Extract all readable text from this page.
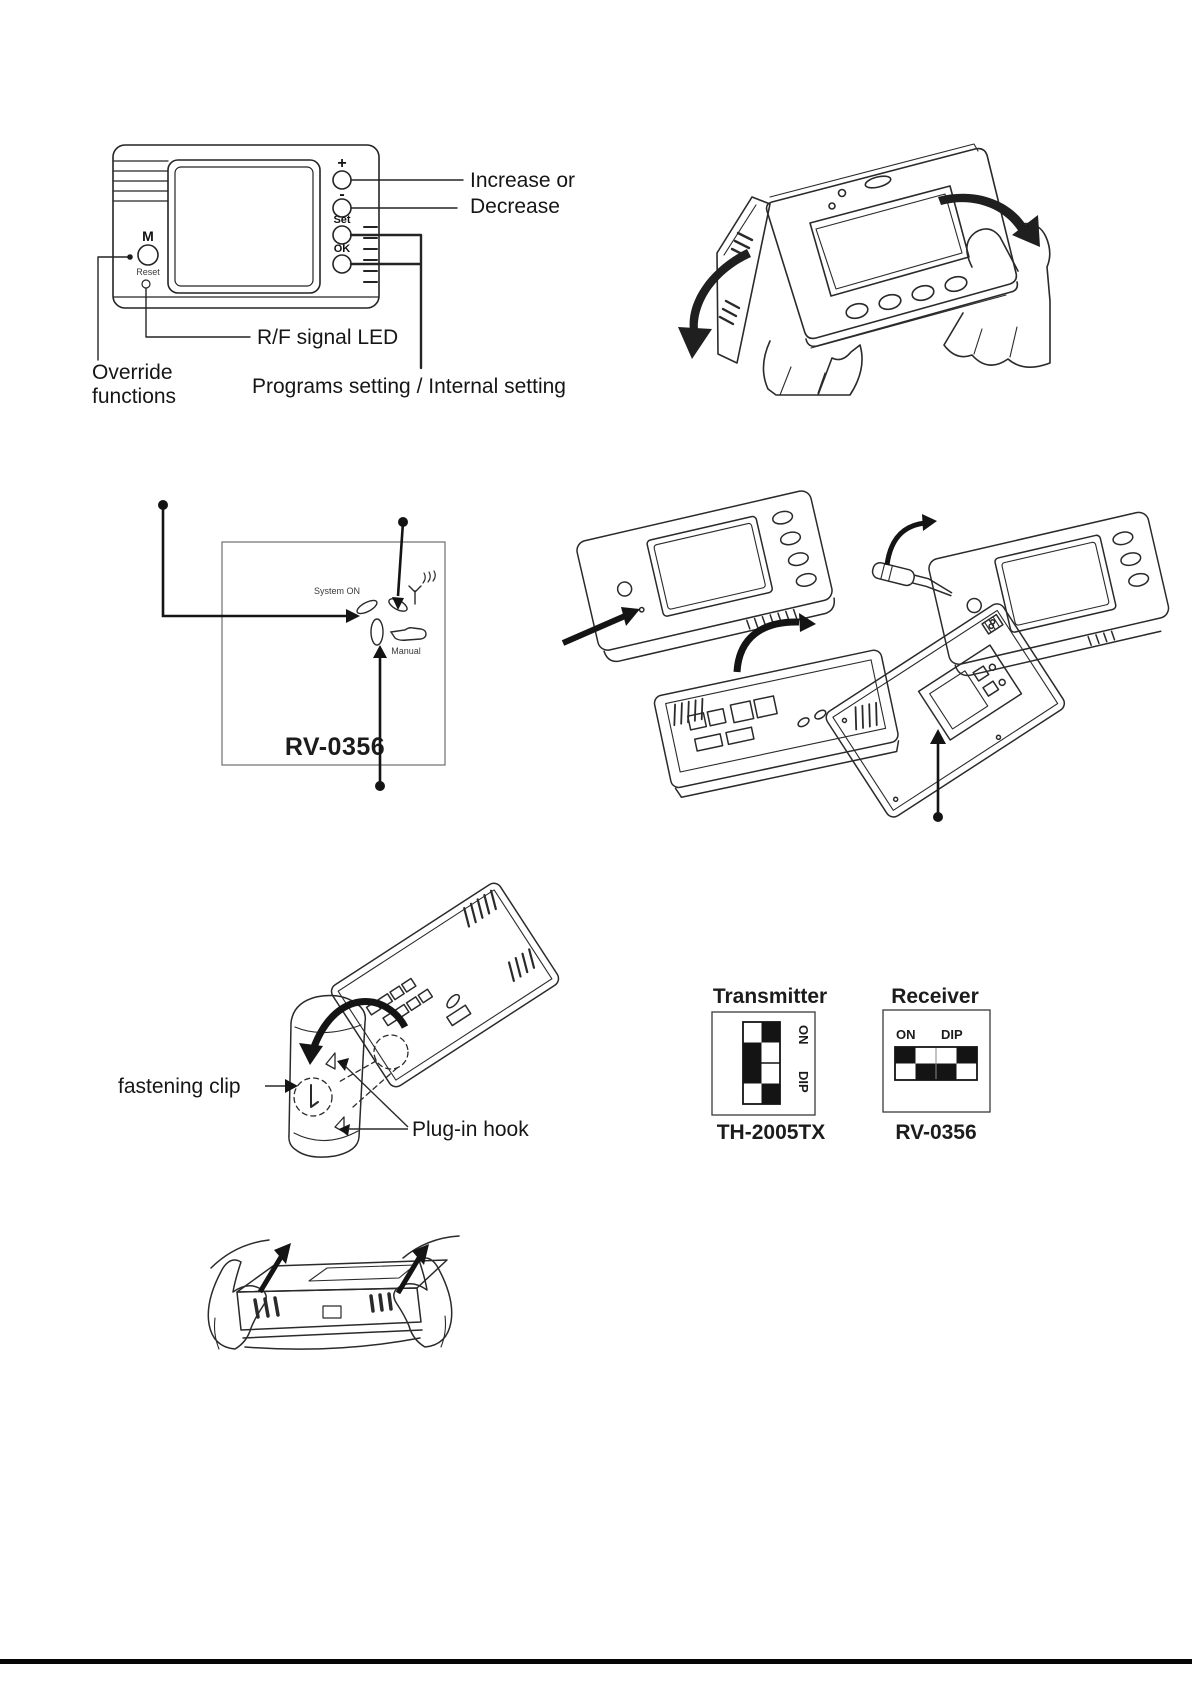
+
-
Set
OK
M
Reset
Increase or
Decrease
R/F signal LED
Override
functions	Programs setting / Internal setting
System ON
Manual
RV-0356
fastening clip
Plug-in hook
Transmitter
ON
DIP
TH-2005TX
Receiver
ON DIP
RV-0356
